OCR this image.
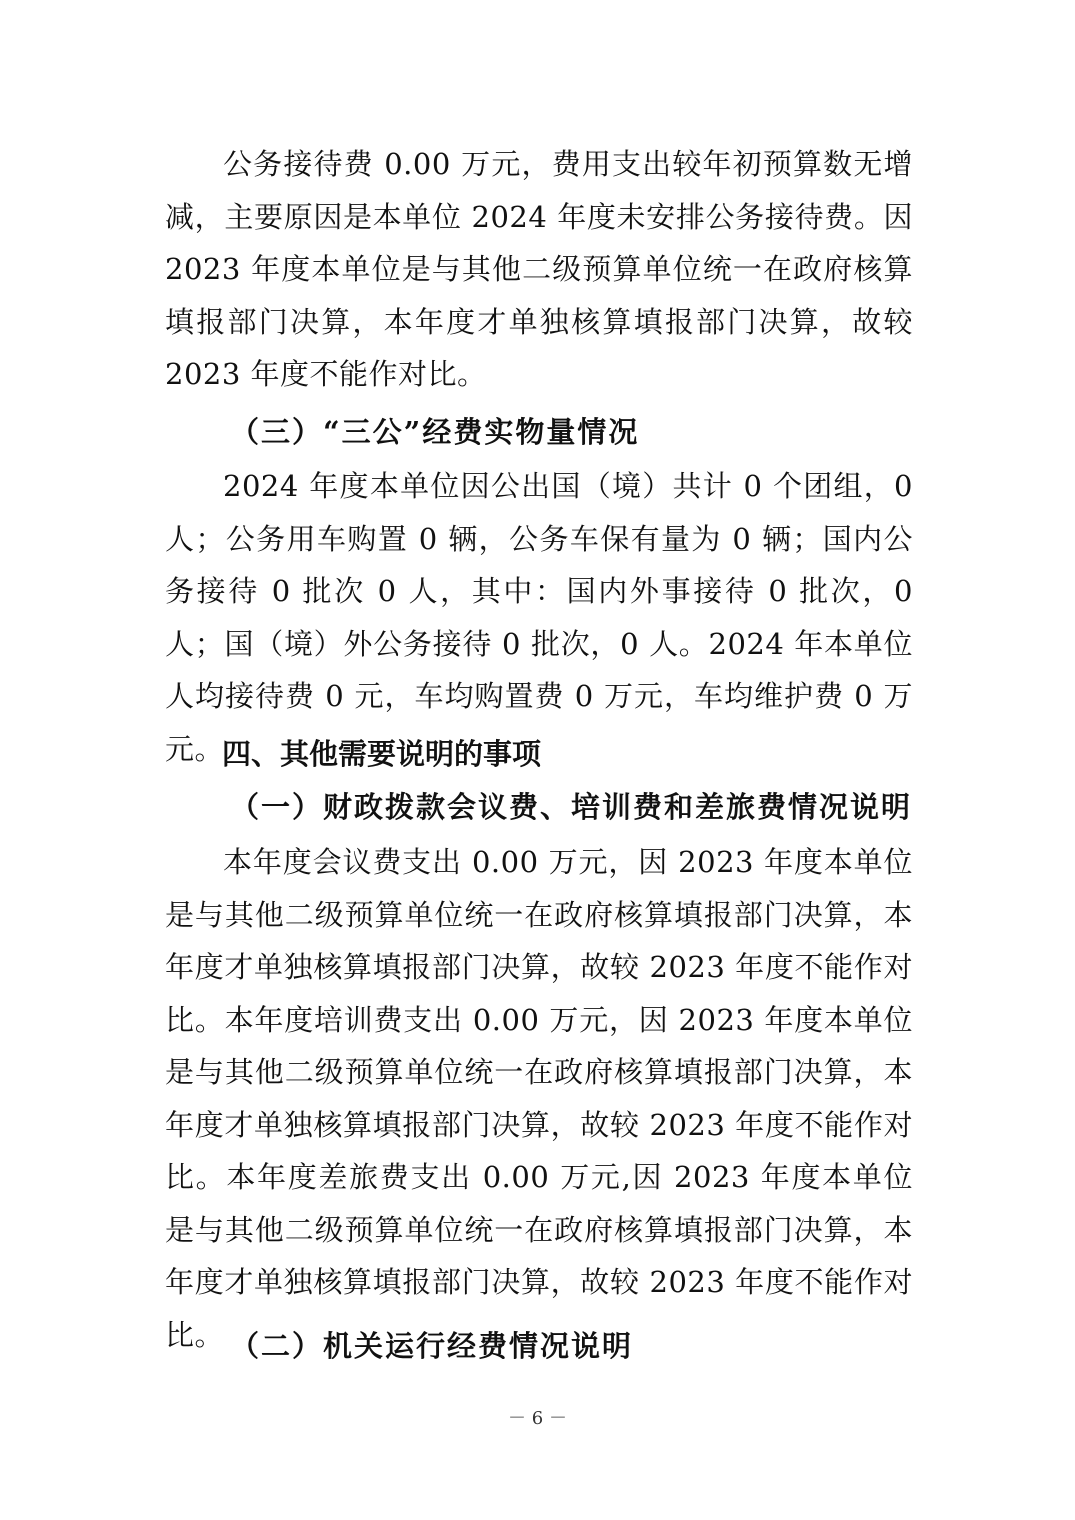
公务接待费 0.00 万元，费用支出较年初预算数无增减，主要原因是本单位 2024 年度未安排公务接待费。因 2023 年度本单位是与其他二级预算单位统一在政府核算填报部门决算，本年度才单独核算填报部门决算，故较 2023 年度不能作对比。

（三）“三公”经费实物量情况

2024 年度本单位因公出国（境）共计 0 个团组，0 人；公务用车购置 0 辆，公务车保有量为 0 辆；国内公务接待 0 批次 0 人，其中：国内外事接待 0 批次，0 人；国（境）外公务接待 0 批次，0 人。2024 年本单位人均接待费 0 元，车均购置费 0 万元，车均维护费 0 万元。

四、其他需要说明的事项
（一）财政拨款会议费、培训费和差旅费情况说明

本年度会议费支出 0.00 万元，因 2023 年度本单位是与其他二级预算单位统一在政府核算填报部门决算，本年度才单独核算填报部门决算，故较 2023 年度不能作对比。本年度培训费支出 0.00 万元，因 2023 年度本单位是与其他二级预算单位统一在政府核算填报部门决算，本年度才单独核算填报部门决算，故较 2023 年度不能作对比。本年度差旅费支出 0.00 万元,因 2023 年度本单位是与其他二级预算单位统一在政府核算填报部门决算，本年度才单独核算填报部门决算，故较 2023 年度不能作对比。 （二）机关运行经费情况说明
－ 6 －
